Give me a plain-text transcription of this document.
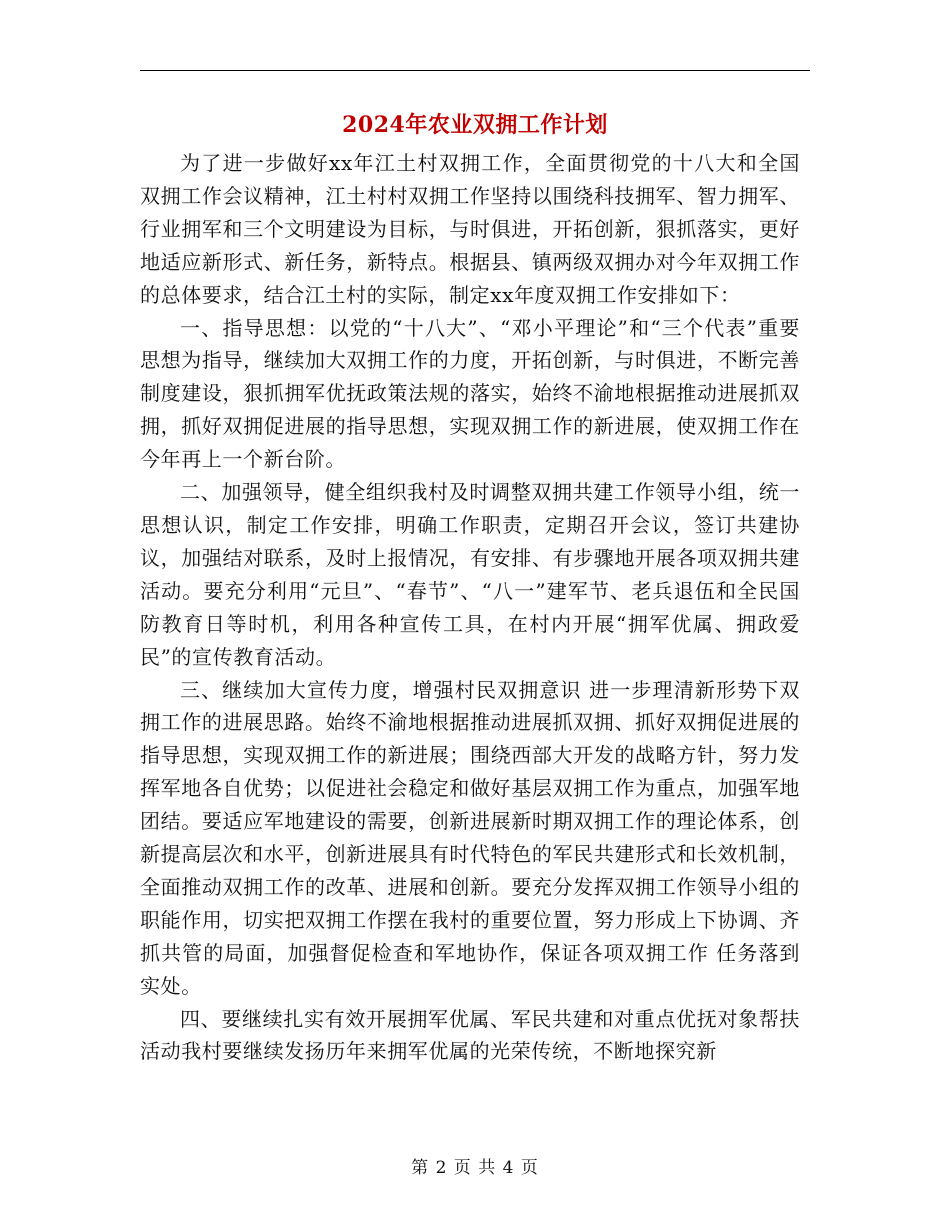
2024年农业双拥工作计划

为了进一步做好xx年江土村双拥工作，全面贯彻党的十八大和全国双拥工作会议精神，江土村村双拥工作坚持以围绕科技拥军、智力拥军、行业拥军和三个文明建设为目标，与时俱进，开拓创新，狠抓落实，更好地适应新形式、新任务，新特点。根据县、镇两级双拥办对今年双拥工作的总体要求，结合江土村的实际，制定xx年度双拥工作安排如下：

一、指导思想：以党的“十八大”、“邓小平理论”和“三个代表”重要思想为指导，继续加大双拥工作的力度，开拓创新，与时俱进，不断完善制度建设，狠抓拥军优抚政策法规的落实，始终不渝地根据推动进展抓双拥，抓好双拥促进展的指导思想，实现双拥工作的新进展，使双拥工作在今年再上一个新台阶。

二、加强领导，健全组织我村及时调整双拥共建工作领导小组，统一思想认识，制定工作安排，明确工作职责，定期召开会议，签订共建协议，加强结对联系，及时上报情况，有安排、有步骤地开展各项双拥共建活动。要充分利用“元旦”、“春节”、“八一”建军节、老兵退伍和全民国防教育日等时机，利用各种宣传工具，在村内开展“拥军优属、拥政爱民”的宣传教育活动。

三、继续加大宣传力度，增强村民双拥意识 进一步理清新形势下双拥工作的进展思路。始终不渝地根据推动进展抓双拥、抓好双拥促进展的指导思想，实现双拥工作的新进展；围绕西部大开发的战略方针，努力发挥军地各自优势；以促进社会稳定和做好基层双拥工作为重点，加强军地团结。要适应军地建设的需要，创新进展新时期双拥工作的理论体系，创新提高层次和水平，创新进展具有时代特色的军民共建形式和长效机制，全面推动双拥工作的改革、进展和创新。要充分发挥双拥工作领导小组的职能作用，切实把双拥工作摆在我村的重要位置，努力形成上下协调、齐抓共管的局面，加强督促检查和军地协作，保证各项双拥工作 任务落到实处。

四、要继续扎实有效开展拥军优属、军民共建和对重点优抚对象帮扶活动我村要继续发扬历年来拥军优属的光荣传统，不断地探究新

第 2 页 共 4 页
